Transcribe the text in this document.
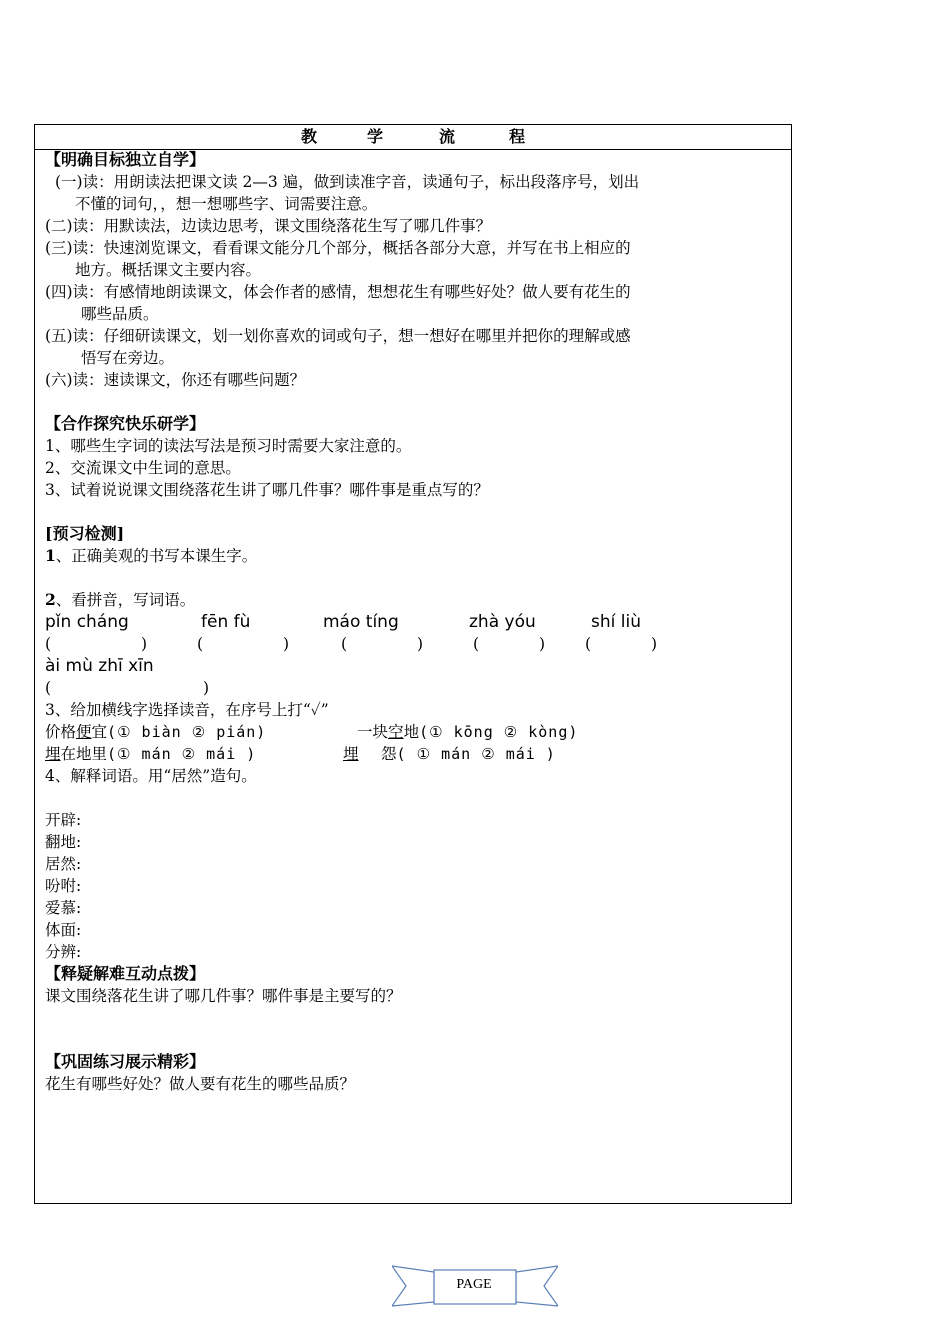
教	学	流	程
【明确目标独立自学】
(一)读：用朗读法把课文读 2—3 遍，做到读准字音，读通句子，标出段落序号，划出
不懂的词句，，想一想哪些字、词需要注意。
(二)读：用默读法，边读边思考，课文围绕落花生写了哪几件事？
(三)读：快速浏览课文，看看课文能分几个部分，概括各部分大意，并写在书上相应的
地方。概括课文主要内容。
(四)读：有感情地朗读课文，体会作者的感情，想想花生有哪些好处？做人要有花生的
哪些品质。
(五)读：仔细研读课文，划一划你喜欢的词或句子，想一想好在哪里并把你的理解或感
悟写在旁边。
(六)读：速读课文，你还有哪些问题？
【合作探究快乐研学】
1、哪些生字词的读法写法是预习时需要大家注意的。
2、交流课文中生词的意思。
3、试着说说课文围绕落花生讲了哪几件事？哪件事是重点写的？
[预习检测]
1、正确美观的书写本课生字。
2、看拼音，写词语。
pǐn cháng	fēn fù	máo tíng	zhà yóu	shí liù
(	)	(	)	(	)	(	)	(	)
ài mù zhī xīn
(	)
3、给加横线字选择读音，在序号上打“✓”
价格便宜(① biàn ② pián)	一块空地(① kōng ② kòng)
埋在地里(① mán ② mái )	埋怨( ① mán ② mái )
4、解释词语。用“居然”造句。
开辟:
翻地:
居然:
吩咐:
爱慕:
体面:
分辨:
【释疑解难互动点拨】
课文围绕落花生讲了哪几件事？哪件事是主要写的？
【巩固练习展示精彩】
花生有哪些好处？做人要有花生的哪些品质？
PAGE
